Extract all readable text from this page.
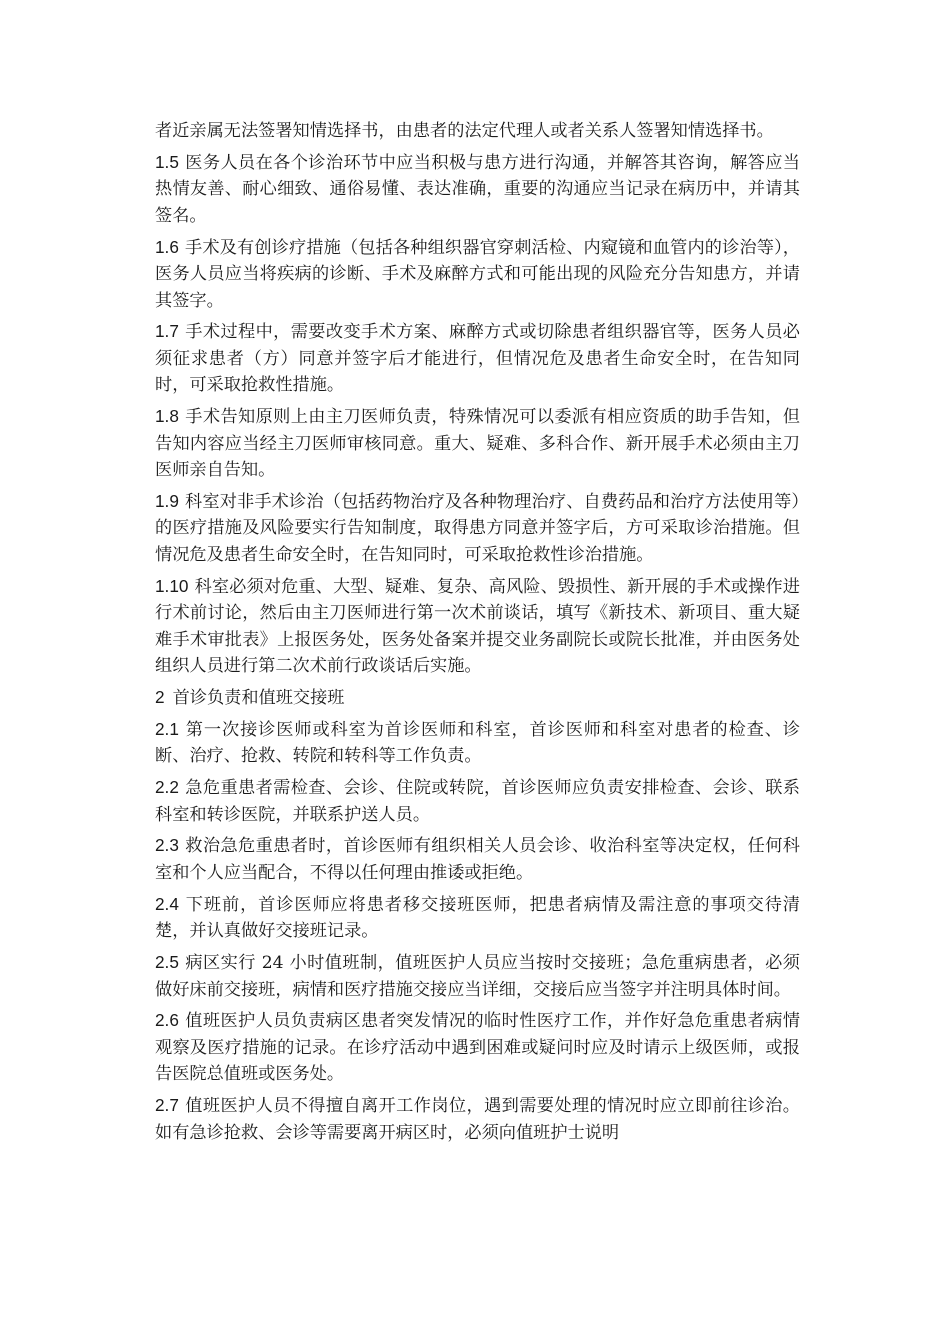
者近亲属无法签署知情选择书，由患者的法定代理人或者关系人签署知情选择书。

1.5 医务人员在各个诊治环节中应当积极与患方进行沟通，并解答其咨询，解答应当热情友善、耐心细致、通俗易懂、表达准确，重要的沟通应当记录在病历中，并请其签名。

1.6 手术及有创诊疗措施（包括各种组织器官穿刺活检、内窥镜和血管内的诊治等），医务人员应当将疾病的诊断、手术及麻醉方式和可能出现的风险充分告知患方，并请其签字。

1.7 手术过程中，需要改变手术方案、麻醉方式或切除患者组织器官等，医务人员必须征求患者（方）同意并签字后才能进行，但情况危及患者生命安全时，在告知同时，可采取抢救性措施。

1.8 手术告知原则上由主刀医师负责，特殊情况可以委派有相应资质的助手告知，但告知内容应当经主刀医师审核同意。重大、疑难、多科合作、新开展手术必须由主刀医师亲自告知。

1.9 科室对非手术诊治（包括药物治疗及各种物理治疗、自费药品和治疗方法使用等）的医疗措施及风险要实行告知制度，取得患方同意并签字后，方可采取诊治措施。但情况危及患者生命安全时，在告知同时，可采取抢救性诊治措施。

1.10 科室必须对危重、大型、疑难、复杂、高风险、毁损性、新开展的手术或操作进行术前讨论，然后由主刀医师进行第一次术前谈话，填写《新技术、新项目、重大疑难手术审批表》上报医务处，医务处备案并提交业务副院长或院长批准，并由医务处组织人员进行第二次术前行政谈话后实施。

2 首诊负责和值班交接班

2.1 第一次接诊医师或科室为首诊医师和科室，首诊医师和科室对患者的检查、诊断、治疗、抢救、转院和转科等工作负责。

2.2 急危重患者需检查、会诊、住院或转院，首诊医师应负责安排检查、会诊、联系科室和转诊医院，并联系护送人员。

2.3 救治急危重患者时，首诊医师有组织相关人员会诊、收治科室等决定权，任何科室和个人应当配合，不得以任何理由推诿或拒绝。

2.4 下班前，首诊医师应将患者移交接班医师，把患者病情及需注意的事项交待清楚，并认真做好交接班记录。

2.5 病区实行 24 小时值班制，值班医护人员应当按时交接班；急危重病患者，必须做好床前交接班，病情和医疗措施交接应当详细，交接后应当签字并注明具体时间。

2.6 值班医护人员负责病区患者突发情况的临时性医疗工作，并作好急危重患者病情观察及医疗措施的记录。在诊疗活动中遇到困难或疑问时应及时请示上级医师，或报告医院总值班或医务处。

2.7 值班医护人员不得擅自离开工作岗位，遇到需要处理的情况时应立即前往诊治。如有急诊抢救、会诊等需要离开病区时，必须向值班护士说明
